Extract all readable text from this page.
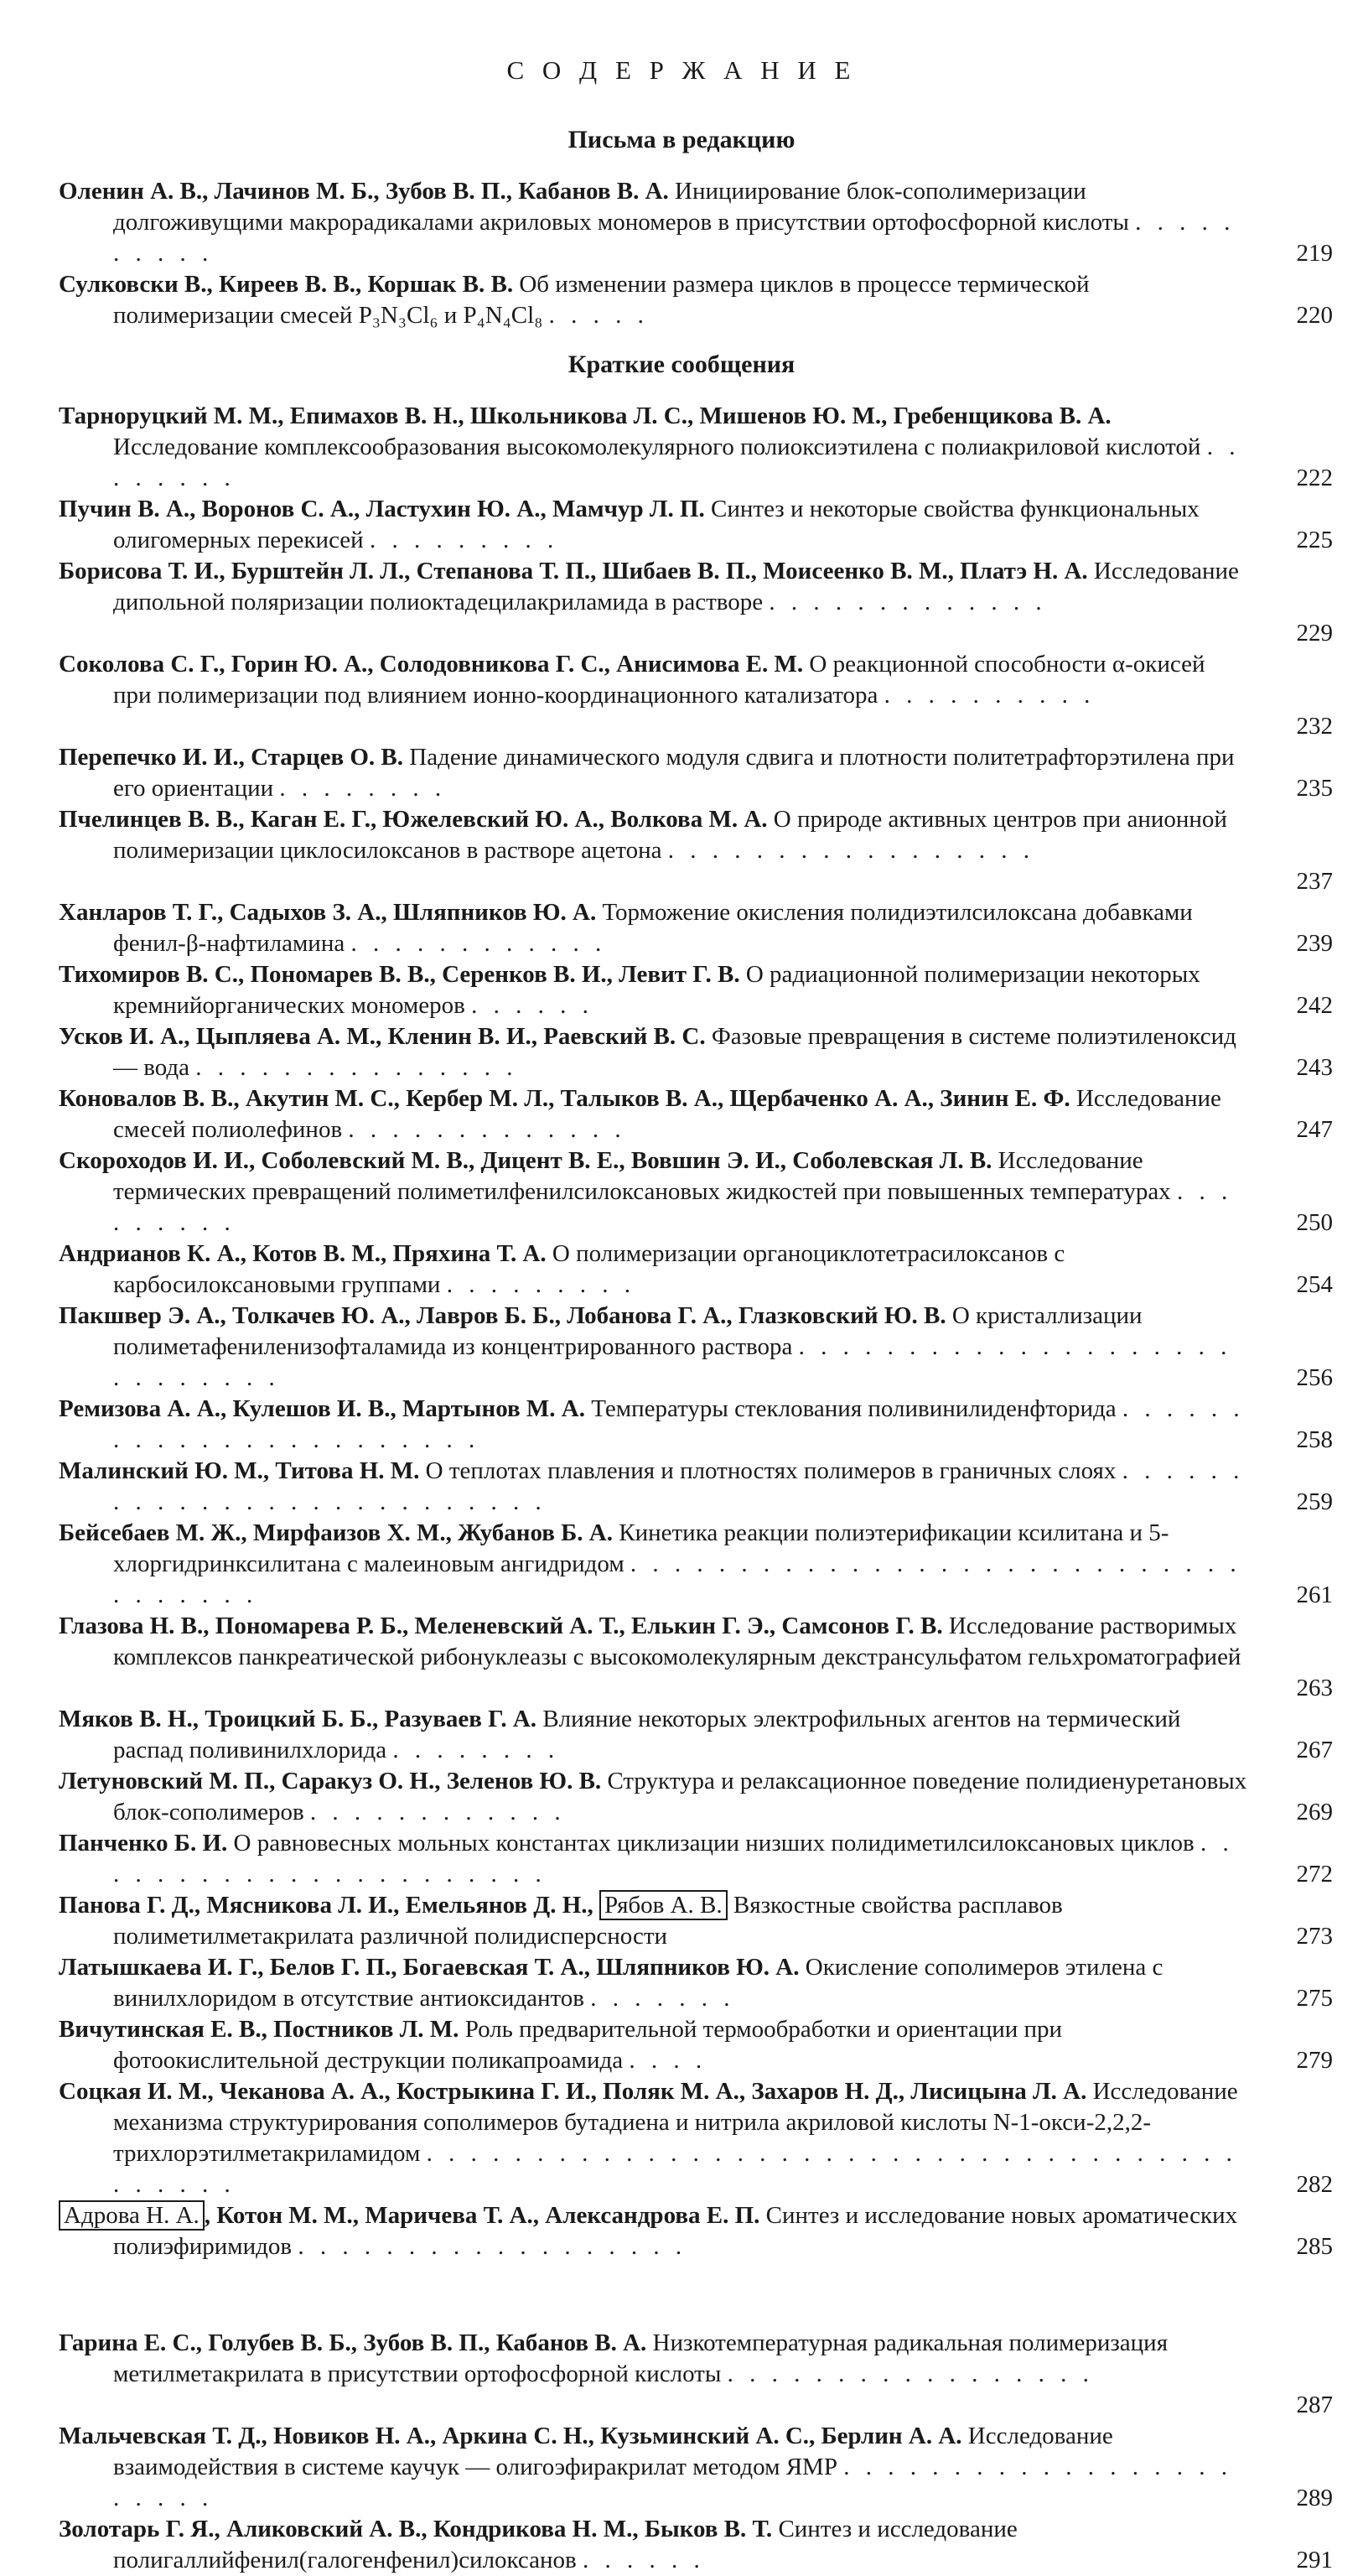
С О Д Е Р Ж А Н И Е
Письма в редакцию
Оленин А. В., Лачинов М. Б., Зубов В. П., Кабанов В. А. Инициирование блок-сополимеризации долгоживущими макрорадикалами акриловых мономеров в присутствии ортофосфорной кислоты . . . . . . . . . .	219
Сулковски В., Киреев В. В., Коршак В. В. Об изменении размера циклов в процессе термической полимеризации смесей P₃N₃Cl₆ и P₄N₄Cl₈ . . . . .	220
Краткие сообщения
Тарноруцкий М. М., Епимахов В. Н., Школьникова Л. С., Мишенов Ю. М., Гребенщикова В. А. Исследование комплексообразования высокомолекулярного полиоксиэтилена с полиакриловой кислотой . . . . . . . .	222
Пучин В. А., Воронов С. А., Ластухин Ю. А., Мамчур Л. П. Синтез и некоторые свойства функциональных олигомерных перекисей . . . . . . . . .	225
Борисова Т. И., Бурштейн Л. Л., Степанова Т. П., Шибаев В. П., Моисеенко В. М., Платэ Н. А. Исследование дипольной поляризации полиоктадецилакриламида в растворе . . . . . . . . . . . . .
229
Соколова С. Г., Горин Ю. А., Солодовникова Г. С., Анисимова Е. М. О реакционной способности α-окисей при полимеризации под влиянием ионно-координационного катализатора . . . . . . . . . .
232
Перепечко И. И., Старцев О. В. Падение динамического модуля сдвига и плотности политетрафторэтилена при его ориентации . . . . . . . .	235
Пчелинцев В. В., Каган Е. Г., Южелевский Ю. А., Волкова М. А. О природе активных центров при анионной полимеризации циклосилоксанов в растворе ацетона . . . . . . . . . . . . . . . . .
237
Ханларов Т. Г., Садыхов З. А., Шляпников Ю. А. Торможение окисления полидиэтилсилоксана добавками фенил-β-нафтиламина . . . . . . . . . . . .	239
Тихомиров В. С., Пономарев В. В., Серенков В. И., Левит Г. В. О радиационной полимеризации некоторых кремнийорганических мономеров . . . . . .	242
Усков И. А., Цыпляева А. М., Кленин В. И., Раевский В. С. Фазовые превращения в системе полиэтиленоксид — вода . . . . . . . . . . . . . . .	243
Коновалов В. В., Акутин М. С., Кербер М. Л., Талыков В. А., Щербаченко А. А., Зинин Е. Ф. Исследование смесей полиолефинов . . . . . . . . . . . . .	247
Скороходов И. И., Соболевский М. В., Дицент В. Е., Вовшин Э. И., Соболевская Л. В. Исследование термических превращений полиметилфенилсилоксановых жидкостей при повышенных температурах . . . . . . . . .	250
Андрианов К. А., Котов В. М., Пряхина Т. А. О полимеризации органоциклотетрасилоксанов с карбосилоксановыми группами . . . . . . . . .	254
Пакшвер Э. А., Толкачев Ю. А., Лавров Б. Б., Лобанова Г. А., Глазковский Ю. В. О кристаллизации полиметафениленизофталамида из концентрированного раствора . . . . . . . . . . . . . . . . . . . . . . . . . . . .	256
Ремизова А. А., Кулешов И. В., Мартынов М. А. Температуры стеклования поливинилиденфторида . . . . . . . . . . . . . . . . . . . . . . .	258
Малинский Ю. М., Титова Н. М. О теплотах плавления и плотностях полимеров в граничных слоях . . . . . . . . . . . . . . . . . . . . . . . . . .	259
Бейсебаев М. Ж., Мирфаизов Х. М., Жубанов Б. А. Кинетика реакции полиэтерификации ксилитана и 5-хлоргидринксилитана с малеиновым ангидридом . . . . . . . . . . . . . . . . . . . . . . . . . . . . . . . . . . .	261
Глазова Н. В., Пономарева Р. Б., Меленевский А. Т., Елькин Г. Э., Самсонов Г. В. Исследование растворимых комплексов панкреатической рибонуклеазы с высокомолекулярным декстрансульфатом гельхроматографией
263
Мяков В. Н., Троицкий Б. Б., Разуваев Г. А. Влияние некоторых электрофильных агентов на термический распад поливинилхлорида . . . . . . . .	267
Летуновский М. П., Саракуз О. Н., Зеленов Ю. В. Структура и релаксационное поведение полидиенуретановых блок-сополимеров . . . . . . . . . . . .	269
Панченко Б. И. О равновесных мольных константах циклизации низших полидиметилсилоксановых циклов . . . . . . . . . . . . . . . . . . . . . .	272
Панова Г. Д., Мясникова Л. И., Емельянов Д. Н., Рябов А. В. Вязкостные свойства расплавов полиметилметакрилата различной полидисперсности	273
Латышкаева И. Г., Белов Г. П., Богаевская Т. А., Шляпников Ю. А. Окисление сополимеров этилена с винилхлоридом в отсутствие антиоксидантов . . . . . . .	275
Вичутинская Е. В., Постников Л. М. Роль предварительной термообработки и ориентации при фотоокислительной деструкции поликапроамида . . . .	279
Соцкая И. М., Чеканова А. А., Кострыкина Г. И., Поляк М. А., Захаров Н. Д., Лисицына Л. А. Исследование механизма структурирования сополимеров бутадиена и нитрила акриловой кислоты N-1-окси-2,2,2-трихлорэтилметакриламидом . . . . . . . . . . . . . . . . . . . . . . . . . . . . . . . . . . . . . . . . . . .	282
Адрова Н. А. , Котон М. М., Маричева Т. А., Александрова Е. П. Синтез и исследование новых ароматических полиэфиримидов . . . . . . . . . . . . . . . . . .	285
Гарина Е. С., Голубев В. Б., Зубов В. П., Кабанов В. А. Низкотемпературная радикальная полимеризация метилметакрилата в присутствии ортофосфорной кислоты . . . . . . . . . . . . . . . . .
287
Мальчевская Т. Д., Новиков Н. А., Аркина С. Н., Кузьминский А. С., Берлин А. А. Исследование взаимодействия в системе каучук — олигоэфиракрилат методом ЯМР . . . . . . . . . . . . . . . . . . . . . . .	289
Золотарь Г. Я., Аликовский А. В., Кондрикова Н. М., Быков В. Т. Синтез и исследование полигаллийфенил(галогенфенил)силоксанов . . . . . .	291
